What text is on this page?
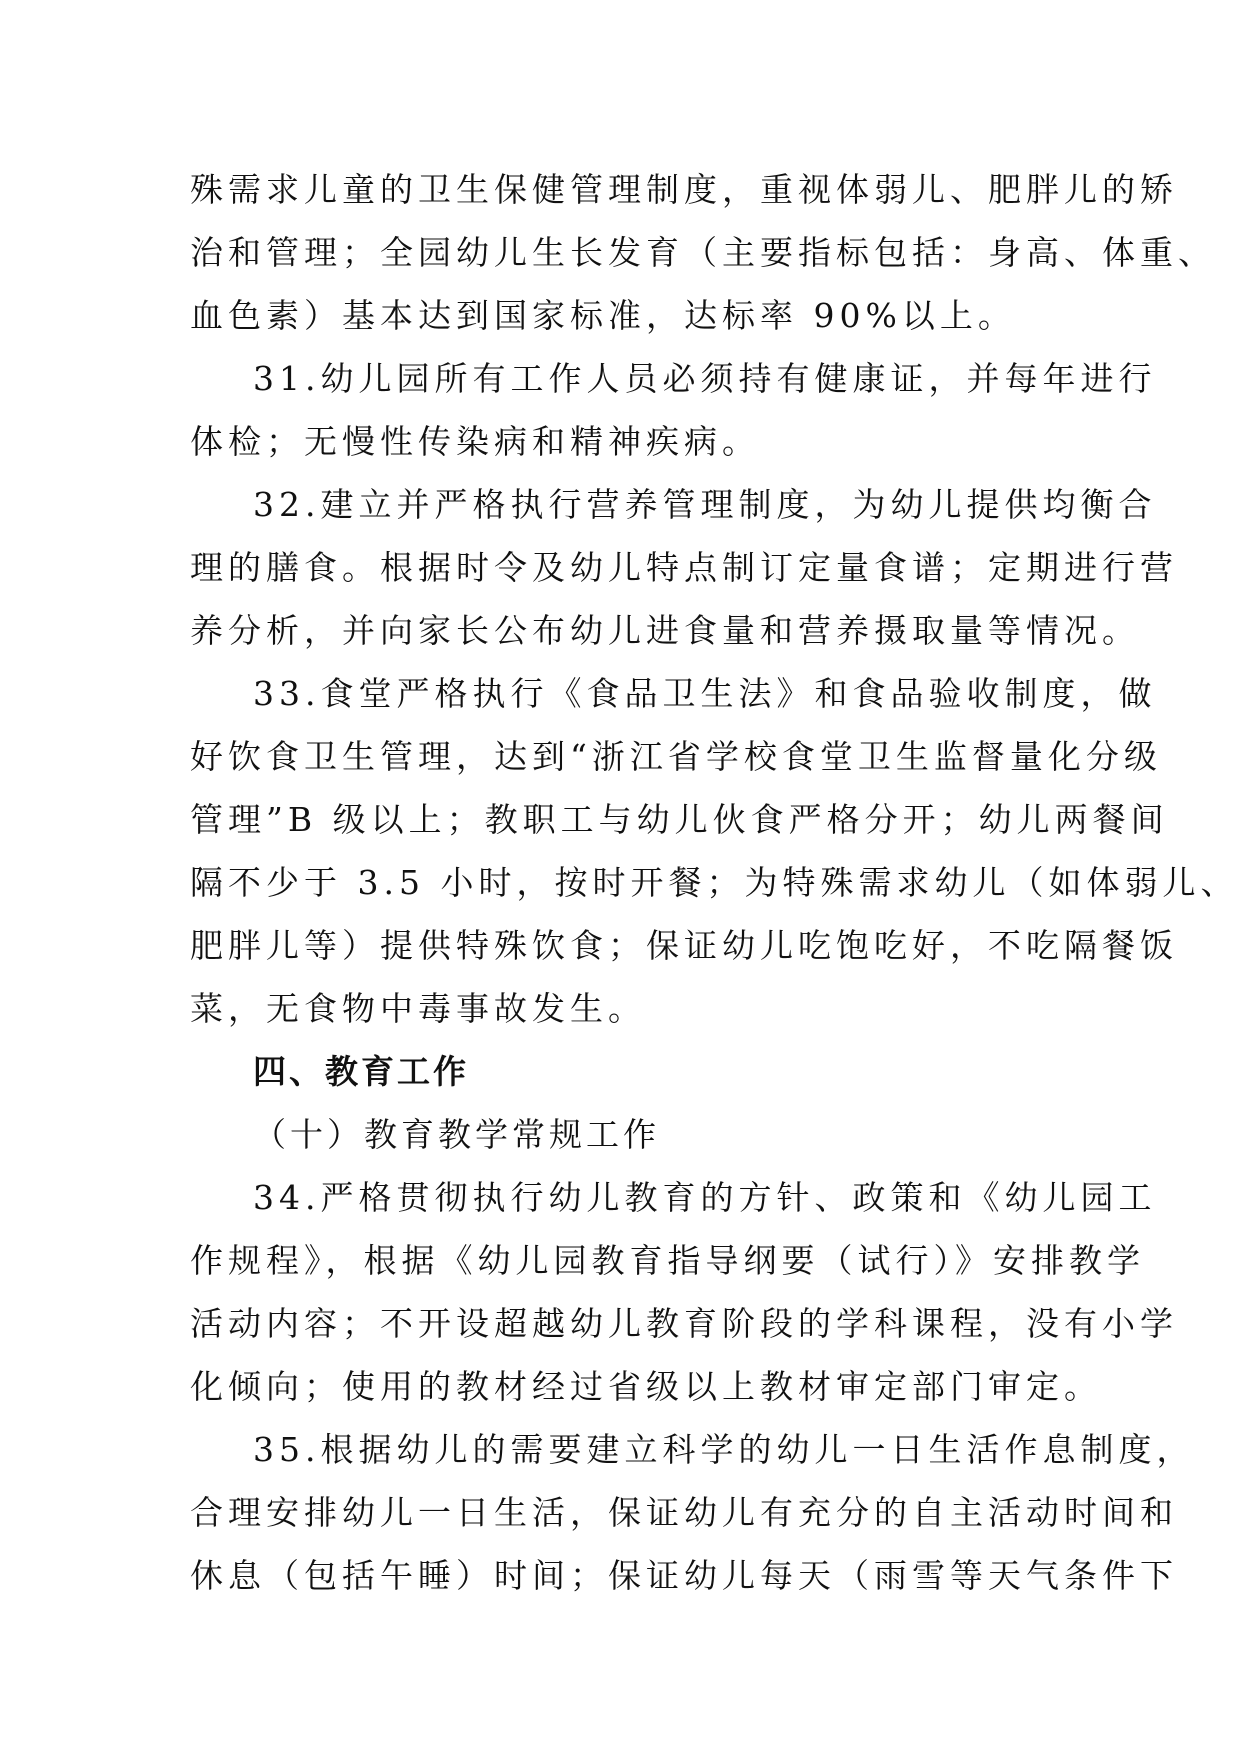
殊需求儿童的卫生保健管理制度，重视体弱儿、肥胖儿的矫
治和管理；全园幼儿生长发育（主要指标包括：身高、体重、
血色素）基本达到国家标准，达标率 90%以上。
31.幼儿园所有工作人员必须持有健康证，并每年进行
体检；无慢性传染病和精神疾病。
32.建立并严格执行营养管理制度，为幼儿提供均衡合
理的膳食。根据时令及幼儿特点制订定量食谱；定期进行营
养分析，并向家长公布幼儿进食量和营养摄取量等情况。
33.食堂严格执行《食品卫生法》和食品验收制度，做
好饮食卫生管理，达到“浙江省学校食堂卫生监督量化分级
管理”B 级以上；教职工与幼儿伙食严格分开；幼儿两餐间
隔不少于 3.5 小时，按时开餐；为特殊需求幼儿（如体弱儿、
肥胖儿等）提供特殊饮食；保证幼儿吃饱吃好，不吃隔餐饭
菜，无食物中毒事故发生。
四、教育工作
（十）教育教学常规工作
34.严格贯彻执行幼儿教育的方针、政策和《幼儿园工
作规程》，根据《幼儿园教育指导纲要（试行）》安排教学
活动内容；不开设超越幼儿教育阶段的学科课程，没有小学
化倾向；使用的教材经过省级以上教材审定部门审定。
35.根据幼儿的需要建立科学的幼儿一日生活作息制度，
合理安排幼儿一日生活，保证幼儿有充分的自主活动时间和
休息（包括午睡）时间；保证幼儿每天（雨雪等天气条件下
